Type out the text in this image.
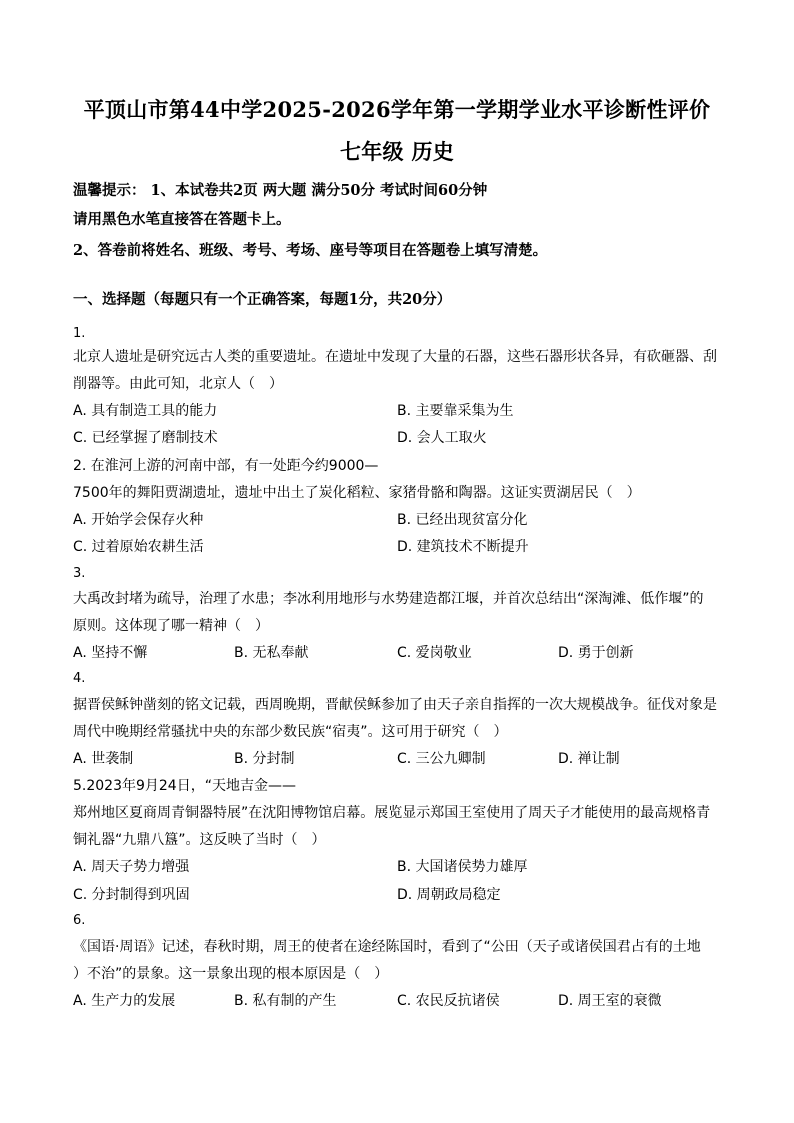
平顶山市第44中学2025-2026学年第一学期学业水平诊断性评价
七年级 历史
温馨提示： 1、本试卷共2页 两大题 满分50分 考试时间60分钟
请用黑色水笔直接答在答题卡上。
2、答卷前将姓名、班级、考号、考场、座号等项目在答题卷上填写清楚。
一、选择题（每题只有一个正确答案，每题1分，共20分）
1.
北京人遗址是研究远古人类的重要遗址。在遗址中发现了大量的石器，这些石器形状各异，有砍砸器、刮
削器等。由此可知，北京人（　）
A. 具有制造工具的能力	B. 主要靠采集为生
C. 已经掌握了磨制技术	D. 会人工取火
2. 在淮河上游的河南中部，有一处距今约9000—
7500年的舞阳贾湖遗址，遗址中出土了炭化稻粒、家猪骨骼和陶器。这证实贾湖居民（　）
A. 开始学会保存火种	B. 已经出现贫富分化
C. 过着原始农耕生活	D. 建筑技术不断提升
3.
大禹改封堵为疏导，治理了水患；李冰利用地形与水势建造都江堰，并首次总结出“深淘滩、低作堰”的
原则。这体现了哪一精神（　）
A. 坚持不懈	B. 无私奉献	C. 爱岗敬业	D. 勇于创新
4.
据晋侯稣钟凿刻的铭文记载，西周晚期，晋献侯稣参加了由天子亲自指挥的一次大规模战争。征伐对象是
周代中晚期经常骚扰中央的东部少数民族“宿夷”。这可用于研究（　）
A. 世袭制	B. 分封制	C. 三公九卿制	D. 禅让制
5.2023年9月24日，“天地吉金——
郑州地区夏商周青铜器特展”在沈阳博物馆启幕。展览显示郑国王室使用了周天子才能使用的最高规格青
铜礼器“九鼎八簋”。这反映了当时（　）
A. 周天子势力增强	B. 大国诸侯势力雄厚
C. 分封制得到巩固	D. 周朝政局稳定
6.
《国语·周语》记述，春秋时期，周王的使者在途经陈国时，看到了“公田（天子或诸侯国君占有的土地
）不治”的景象。这一景象出现的根本原因是（　）
A. 生产力的发展	B. 私有制的产生	C. 农民反抗诸侯	D. 周王室的衰微
